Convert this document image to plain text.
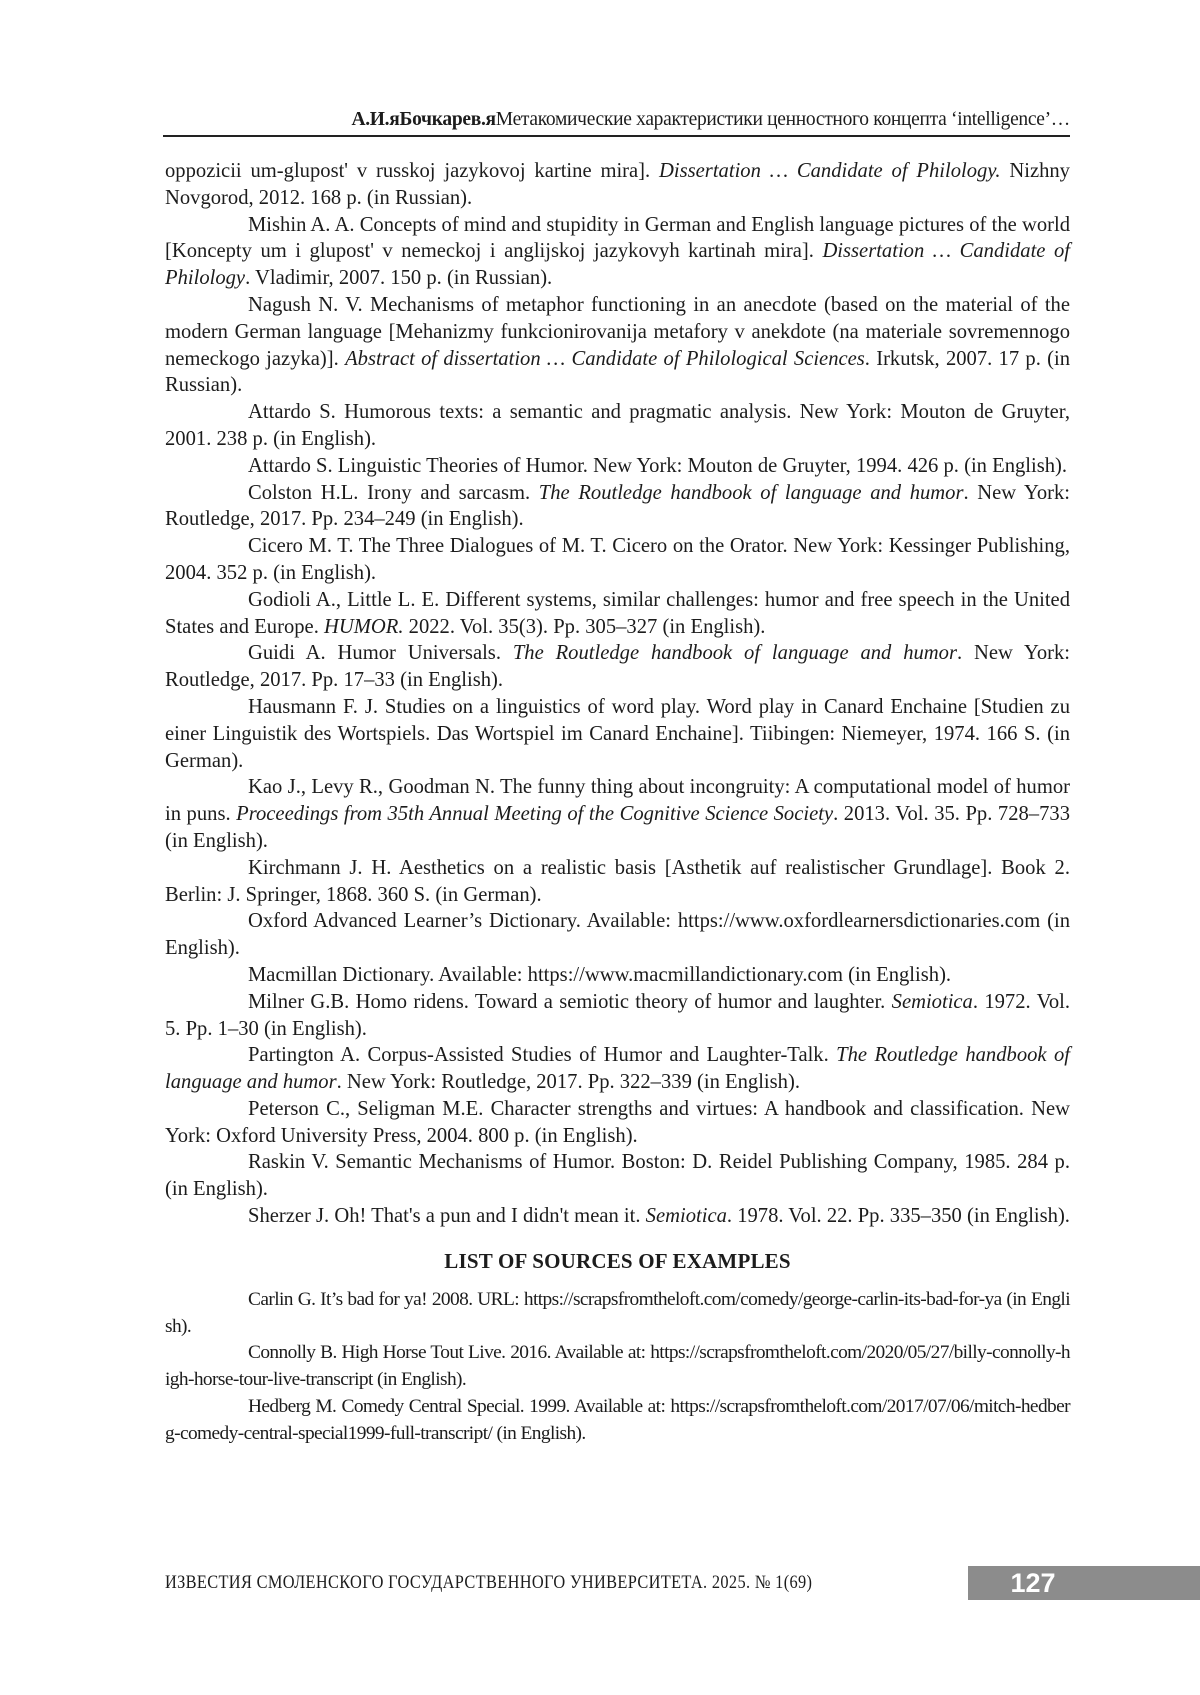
А.И.яБочкарев.яМетакомические характеристики ценностного концепта ‘intelligence’…

oppozicii um-glupost' v russkoj jazykovoj kartine mira]. Dissertation … Candidate of Philology. Nizhny Novgorod, 2012. 168 p. (in Russian).

Mishin A. A. Concepts of mind and stupidity in German and English language pictures of the world [Koncepty um i glupost' v nemeckoj i anglijskoj jazykovyh kartinah mira]. Dissertation … Candidate of Philology. Vladimir, 2007. 150 p. (in Russian).

Nagush N. V. Mechanisms of metaphor functioning in an anecdote (based on the material of the modern German language [Mehanizmy funkcionirovanija metafory v anekdote (na materiale sovremennogo nemeckogo jazyka)]. Abstract of dissertation … Candidate of Philological Sciences. Irkutsk, 2007. 17 p. (in Russian).

Attardo S. Humorous texts: a semantic and pragmatic analysis. New York: Mouton de Gruyter, 2001. 238 p. (in English).

Attardo S. Linguistic Theories of Humor. New York: Mouton de Gruyter, 1994. 426 p. (in English).

Colston H.L. Irony and sarcasm. The Routledge handbook of language and humor. New York: Routledge, 2017. Pp. 234–249 (in English).

Cicero M. T. The Three Dialogues of M. T. Cicero on the Orator. New York: Kessinger Publishing, 2004. 352 p. (in English).

Godioli A., Little L. E. Different systems, similar challenges: humor and free speech in the United States and Europe. HUMOR. 2022. Vol. 35(3). Pp. 305–327 (in English).

Guidi A. Humor Universals. The Routledge handbook of language and humor. New York: Routledge, 2017. Pp. 17–33 (in English).

Hausmann F. J. Studies on a linguistics of word play. Word play in Canard Enchaine [Studien zu einer Linguistik des Wortspiels. Das Wortspiel im Canard Enchaine]. Tiibingen: Niemeyer, 1974. 166 S. (in German).

Kao J., Levy R., Goodman N. The funny thing about incongruity: A computational model of humor in puns. Proceedings from 35th Annual Meeting of the Cognitive Science Society. 2013. Vol. 35. Pp. 728–733 (in English).

Kirchmann J. H. Aesthetics on a realistic basis [Asthetik auf realistischer Grundlage]. Book 2. Berlin: J. Springer, 1868. 360 S. (in German).

Oxford Advanced Learner’s Dictionary. Available: https://www.oxfordlearnersdictionaries.com (in English).

Macmillan Dictionary. Available: https://www.macmillandictionary.com (in English).

Milner G.B. Homo ridens. Toward a semiotic theory of humor and laughter. Semiotica. 1972. Vol. 5. Pp. 1–30 (in English).

Partington A. Corpus-Assisted Studies of Humor and Laughter-Talk. The Routledge handbook of language and humor. New York: Routledge, 2017. Pp. 322–339 (in English).

Peterson C., Seligman M.E. Character strengths and virtues: A handbook and classification. New York: Oxford University Press, 2004. 800 p. (in English).

Raskin V. Semantic Mechanisms of Humor. Boston: D. Reidel Publishing Company, 1985. 284 p. (in English).

Sherzer J. Oh! That's a pun and I didn't mean it. Semiotica. 1978. Vol. 22. Pp. 335–350 (in English).

LIST OF SOURCES OF EXAMPLES

Carlin G. It’s bad for ya! 2008. URL: https://scrapsfromtheloft.com/comedy/george-carlin-its-bad-for-ya (in English).

Connolly B. High Horse Tout Live. 2016. Available at: https://scrapsfromtheloft.com/2020/05/27/billy-connolly-high-horse-tour-live-transcript (in English).

Hedberg M. Comedy Central Special. 1999. Available at: https://scrapsfromtheloft.com/2017/07/06/mitch-hedberg-comedy-central-special1999-full-transcript/ (in English).

ИЗВЕСТИЯ СМОЛЕНСКОГО ГОСУДАРСТВЕННОГО УНИВЕРСИТЕТА. 2025. № 1(69)	127
